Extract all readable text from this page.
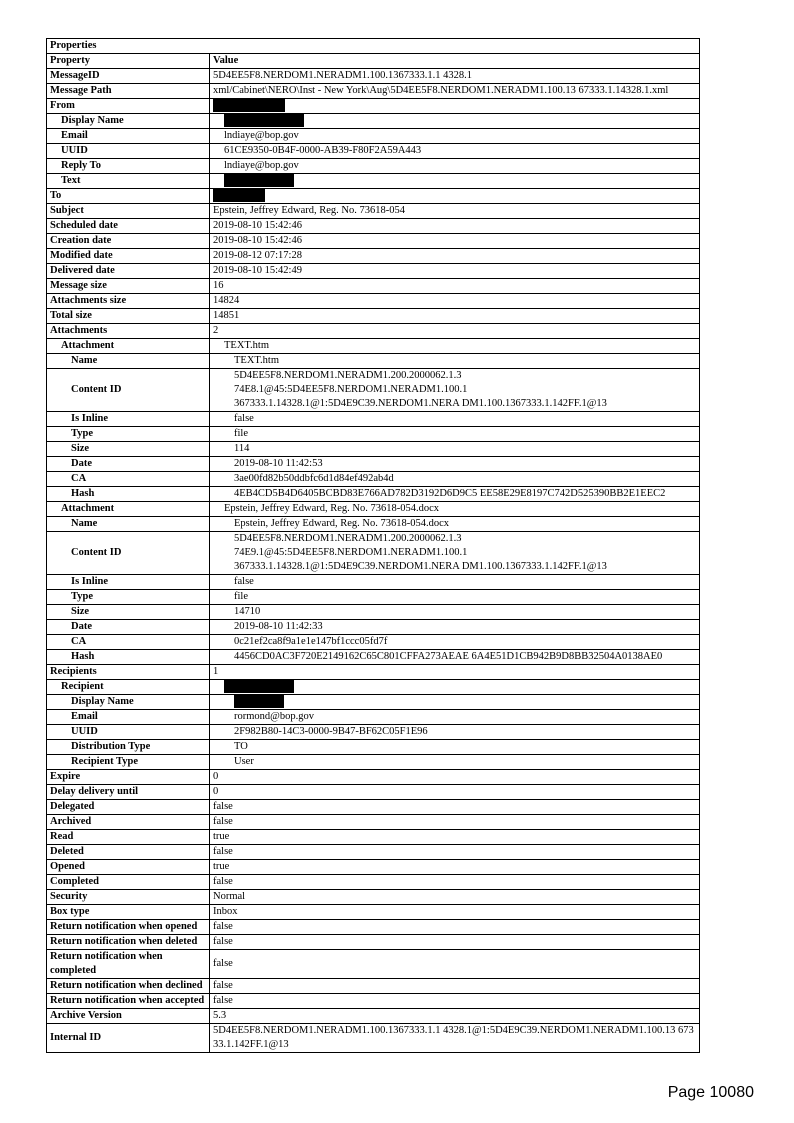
Properties	
Property	Value
MessageID	5D4EE5F8.NERDOM1.NERADM1.100.1367333.1.1 4328.1
Message Path	xml/Cabinet\NERO\Inst - New York\Aug\5D4EE5F8.NERDOM1.NERADM1.100.13 67333.1.14328.1.xml
From	
Display Name	
Email	lndiaye@bop.gov
UUID	61CE9350-0B4F-0000-AB39-F80F2A59A443
Reply To	lndiaye@bop.gov
Text	
To	
Subject	Epstein, Jeffrey Edward, Reg. No. 73618-054
Scheduled date	2019-08-10 15:42:46
Creation date	2019-08-10 15:42:46
Modified date	2019-08-12 07:17:28
Delivered date	2019-08-10 15:42:49
Message size	16
Attachments size	14824
Total size	14851
Attachments	2
Attachment	TEXT.htm
Name	TEXT.htm
Content ID	5D4EE5F8.NERDOM1.NERADM1.200.2000062.1.3
74E8.1@45:5D4EE5F8.NERDOM1.NERADM1.100.1
367333.1.14328.1@1:5D4E9C39.NERDOM1.NERA DM1.100.1367333.1.142FF.1@13
Is Inline	false
Type	file
Size	114
Date	2019-08-10 11:42:53
CA	3ae00fd82b50ddbfc6d1d84ef492ab4d
Hash	4EB4CD5B4D6405BCBD83E766AD782D3192D6D9C5 EE58E29E8197C742D525390BB2E1EEC2
Attachment	Epstein, Jeffrey Edward, Reg. No. 73618-054.docx
Name	Epstein, Jeffrey Edward, Reg. No. 73618-054.docx
Content ID	5D4EE5F8.NERDOM1.NERADM1.200.2000062.1.3
74E9.1@45:5D4EE5F8.NERDOM1.NERADM1.100.1
367333.1.14328.1@1:5D4E9C39.NERDOM1.NERA DM1.100.1367333.1.142FF.1@13
Is Inline	false
Type	file
Size	14710
Date	2019-08-10 11:42:33
CA	0c21ef2ca8f9a1e1e147bf1ccc05fd7f
Hash	4456CD0AC3F720E2149162C65C801CFFA273AEAE 6A4E51D1CB942B9D8BB32504A0138AE0
Recipients	1
Recipient	
Display Name	
Email	rormond@bop.gov
UUID	2F982B80-14C3-0000-9B47-BF62C05F1E96
Distribution Type	TO
Recipient Type	User
Expire	0
Delay delivery until	0
Delegated	false
Archived	false
Read	true
Deleted	false
Opened	true
Completed	false
Security	Normal
Box type	Inbox
Return notification when opened	false
Return notification when deleted	false
Return notification when completed	false
Return notification when declined	false
Return notification when accepted	false
Archive Version	5.3
Internal ID	5D4EE5F8.NERDOM1.NERADM1.100.1367333.1.1 4328.1@1:5D4E9C39.NERDOM1.NERADM1.100.13 67333.1.142FF.1@13
Page 10080
